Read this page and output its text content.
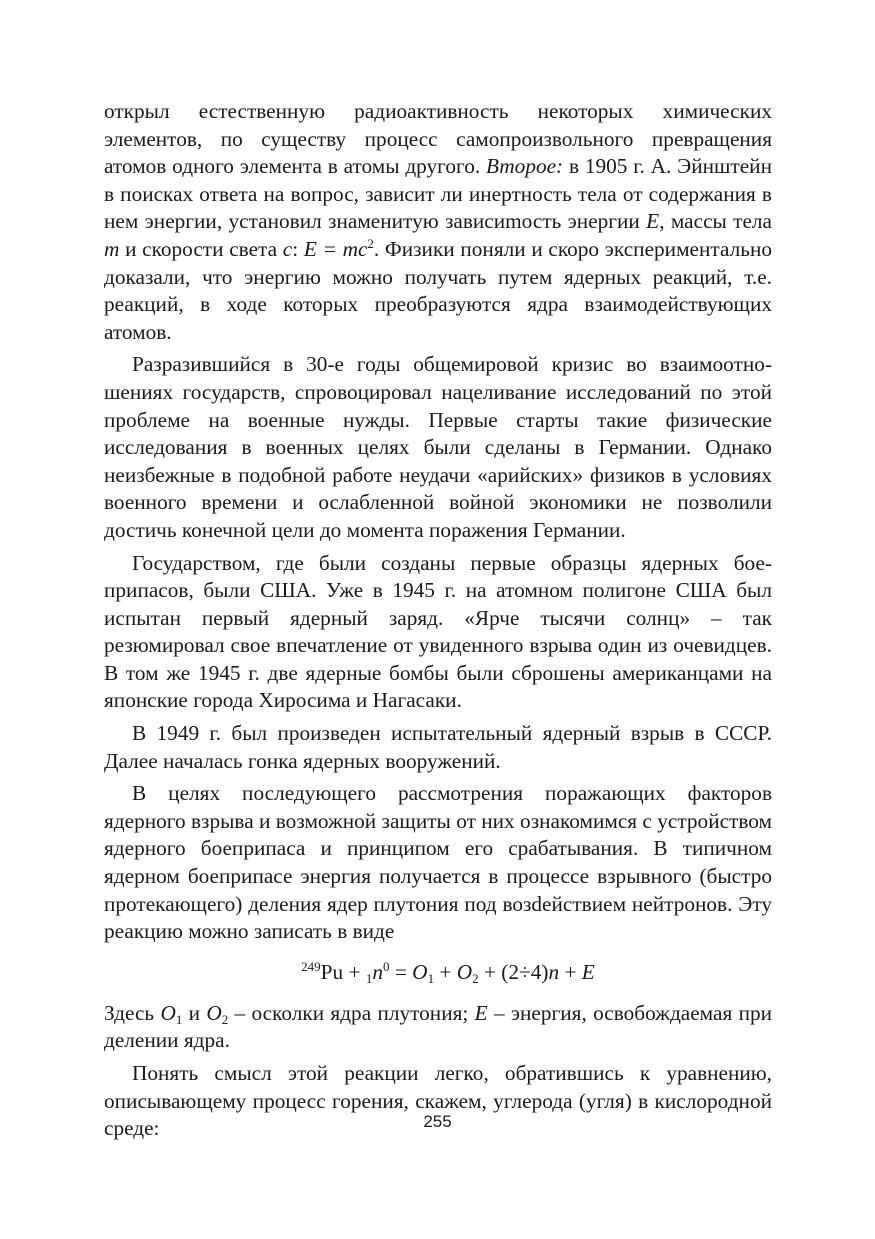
открыл естественную радиоактивность некоторых химических элементов, по существу процесс самопроизвольного превращения атомов одного элемента в атомы другого. Второе: в 1905 г. А. Эйнштейн в поисках ответа на вопрос, зависит ли инертность тела от содержания в нем энергии, установил знаменитую зависиmость энергии E, массы тела m и скорости света c: $E = mc^2$. Физики поняли и скоро экспериментально доказали, что энергию можно получать путем ядерных реакций, т.е. реакций, в ходе которых преобразуются ядра взаимодействующих атомов.

Разразившийся в 30-е годы общемировой кризис во взаимоотношениях государств, спровоцировал нацеливание исследований по этой проблеме на военные нужды. Первые старты такие физические исследования в военных целях были сделаны в Германии. Однако неизбежные в подобной работе неудачи «арийских» физиков в условиях военного времени и ослабленной войной экономики не позволили достичь конечной цели до момента поражения Германии.

Государством, где были созданы первые образцы ядерных боеприпасов, были США. Уже в 1945 г. на атомном полигоне США был испытан первый ядерный заряд. «Ярче тысячи солнц» – так резюмировал свое впечатление от увиденного взрыва один из очевидцев. В том же 1945 г. две ядерные бомбы были сброшены американцами на японские города Хиросима и Нагасаки.

В 1949 г. был произведен испытательный ядерный взрыв в СССР. Далее началась гонка ядерных вооружений.

В целях последующего рассмотрения поражающих факторов ядерного взрыва и возможной защиты от них ознакомимся с устройством ядерного боеприпаса и принципом его срабатывания. В типичном ядерном боеприпасе энергия получается в процессе взрывного (быстро протекающего) деления ядер плутония под возdействием нейтронов. Эту реакцию можно записать в виде

$^{249}Pu + _1n^0 = O_1 + O_2 + (2\div 4)n + E$

Здесь $O_1$ и $O_2$ – осколки ядра плутония; E – энергия, освобождаемая при делении ядра.

Понять смысл этой реакции легко, обратившись к уравнению, описывающему процесс горения, скажем, углерода (угля) в кислородной среде:	255
